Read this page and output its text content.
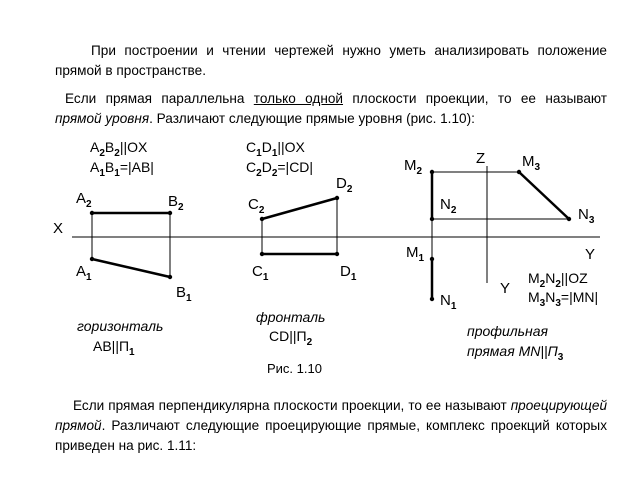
При построении и чтении чертежей нужно уметь анализировать положение прямой в пространстве.
Если прямая параллельна только одной плоскости проекции, то ее называют прямой уровня. Различают следующие прямые уровня (рис. 1.10):
X
Y
Z
Y
$A_2B_2||OX$
$A_1B_1=|AB|$
$A_2$	$B_2$
$A_1$
$B_1$
горизонталь
$AB||П_1$
$C_1D_1||OX$
$C_2D_2=|CD|$
$C_2$
$D_2$
$C_1$	$D_1$
фронталь
$CD||П_2$
$M_2$
$M_3$
$N_2$	$N_3$
$M_1$
$N_1$
$M_2N_2||OZ$
$M_3N_3=|MN|$
профильная
прямая $MN||П_3$
Рис. 1.10
Если прямая перпендикулярна плоскости проекции, то ее называют проецирующей прямой. Различают следующие проецирующие прямые, комплекс проекций которых приведен на рис. 1.11:
